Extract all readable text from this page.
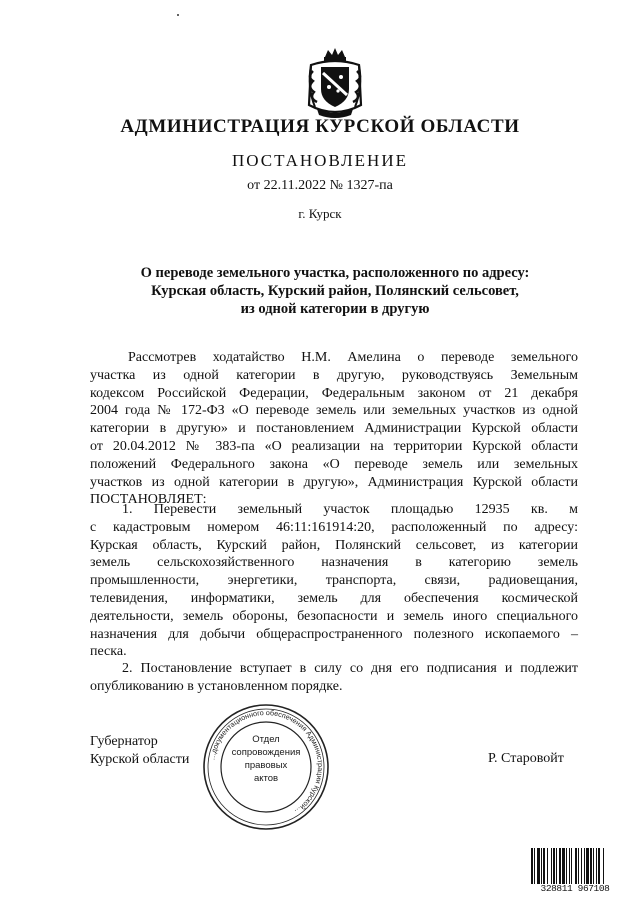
АДМИНИСТРАЦИЯ КУРСКОЙ ОБЛАСТИ
ПОСТАНОВЛЕНИЕ
от 22.11.2022 № 1327-па
г. Курск
О переводе земельного участка, расположенного по адресу:
Курская область, Курский район, Полянский сельсовет,
из одной категории в другую
Рассмотрев ходатайство Н.М. Амелина о переводе земельного
участка из одной категории в другую, руководствуясь Земельным
кодексом Российской Федерации, Федеральным законом от 21 декабря
2004 года № 172-ФЗ «О переводе земель или земельных участков из одной
категории в другую» и постановлением Администрации Курской области
от 20.04.2012 № 383-па «О реализации на территории Курской области
положений Федерального закона «О переводе земель или земельных
участков из одной категории в другую», Администрация Курской области
ПОСТАНОВЛЯЕТ:
1. Перевести земельный участок площадью 12935 кв. м
с кадастровым номером 46:11:161914:20, расположенный по адресу:
Курская область, Курский район, Полянский сельсовет, из категории
земель сельскохозяйственного назначения в категорию земель
промышленности, энергетики, транспорта, связи, радиовещания,
телевидения, информатики, земель для обеспечения космической
деятельности, земель обороны, безопасности и земель иного специального
назначения для добычи общераспространенного полезного ископаемого –
песка.
2. Постановление вступает в силу со дня его подписания и подлежит
опубликованию в установленном порядке.
Губернатор
Курской области	Р. Старовойт
…документационного обеспечения Администрации Курской…
Отдел
сопровождения
правовых
актов
328811 967108
